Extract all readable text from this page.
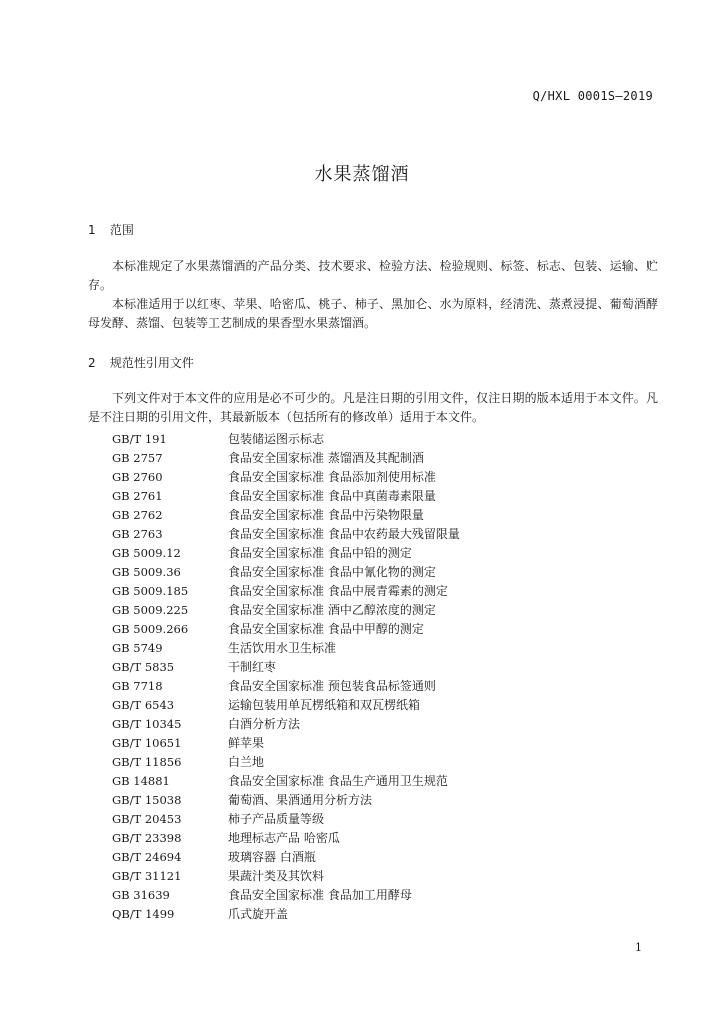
Q/HXL 0001S—2019
水果蒸馏酒
1 范围
本标准规定了水果蒸馏酒的产品分类、技术要求、检验方法、检验规则、标签、标志、包装、运输、贮存。
本标准适用于以红枣、苹果、哈密瓜、桃子、柿子、黑加仑、水为原料，经清洗、蒸煮浸提、葡萄酒酵母发酵、蒸馏、包装等工艺制成的果香型水果蒸馏酒。
2 规范性引用文件
下列文件对于本文件的应用是必不可少的。凡是注日期的引用文件，仅注日期的版本适用于本文件。凡是不注日期的引用文件，其最新版本（包括所有的修改单）适用于本文件。
GB/T 191	包装储运图示标志
GB 2757	食品安全国家标准 蒸馏酒及其配制酒
GB 2760	食品安全国家标准 食品添加剂使用标准
GB 2761	食品安全国家标准 食品中真菌毒素限量
GB 2762	食品安全国家标准 食品中污染物限量
GB 2763	食品安全国家标准 食品中农药最大残留限量
GB 5009.12	食品安全国家标准 食品中铅的测定
GB 5009.36	食品安全国家标准 食品中氰化物的测定
GB 5009.185	食品安全国家标准 食品中展青霉素的测定
GB 5009.225	食品安全国家标准 酒中乙醇浓度的测定
GB 5009.266	食品安全国家标准 食品中甲醇的测定
GB 5749	生活饮用水卫生标准
GB/T 5835	干制红枣
GB 7718	食品安全国家标准 预包装食品标签通则
GB/T 6543	运输包装用单瓦楞纸箱和双瓦楞纸箱
GB/T 10345	白酒分析方法
GB/T 10651	鲜苹果
GB/T 11856	白兰地
GB 14881	食品安全国家标准 食品生产通用卫生规范
GB/T 15038	葡萄酒、果酒通用分析方法
GB/T 20453	柿子产品质量等级
GB/T 23398	地理标志产品 哈密瓜
GB/T 24694	玻璃容器 白酒瓶
GB/T 31121	果蔬汁类及其饮料
GB 31639	食品安全国家标准 食品加工用酵母
QB/T 1499	爪式旋开盖
1
